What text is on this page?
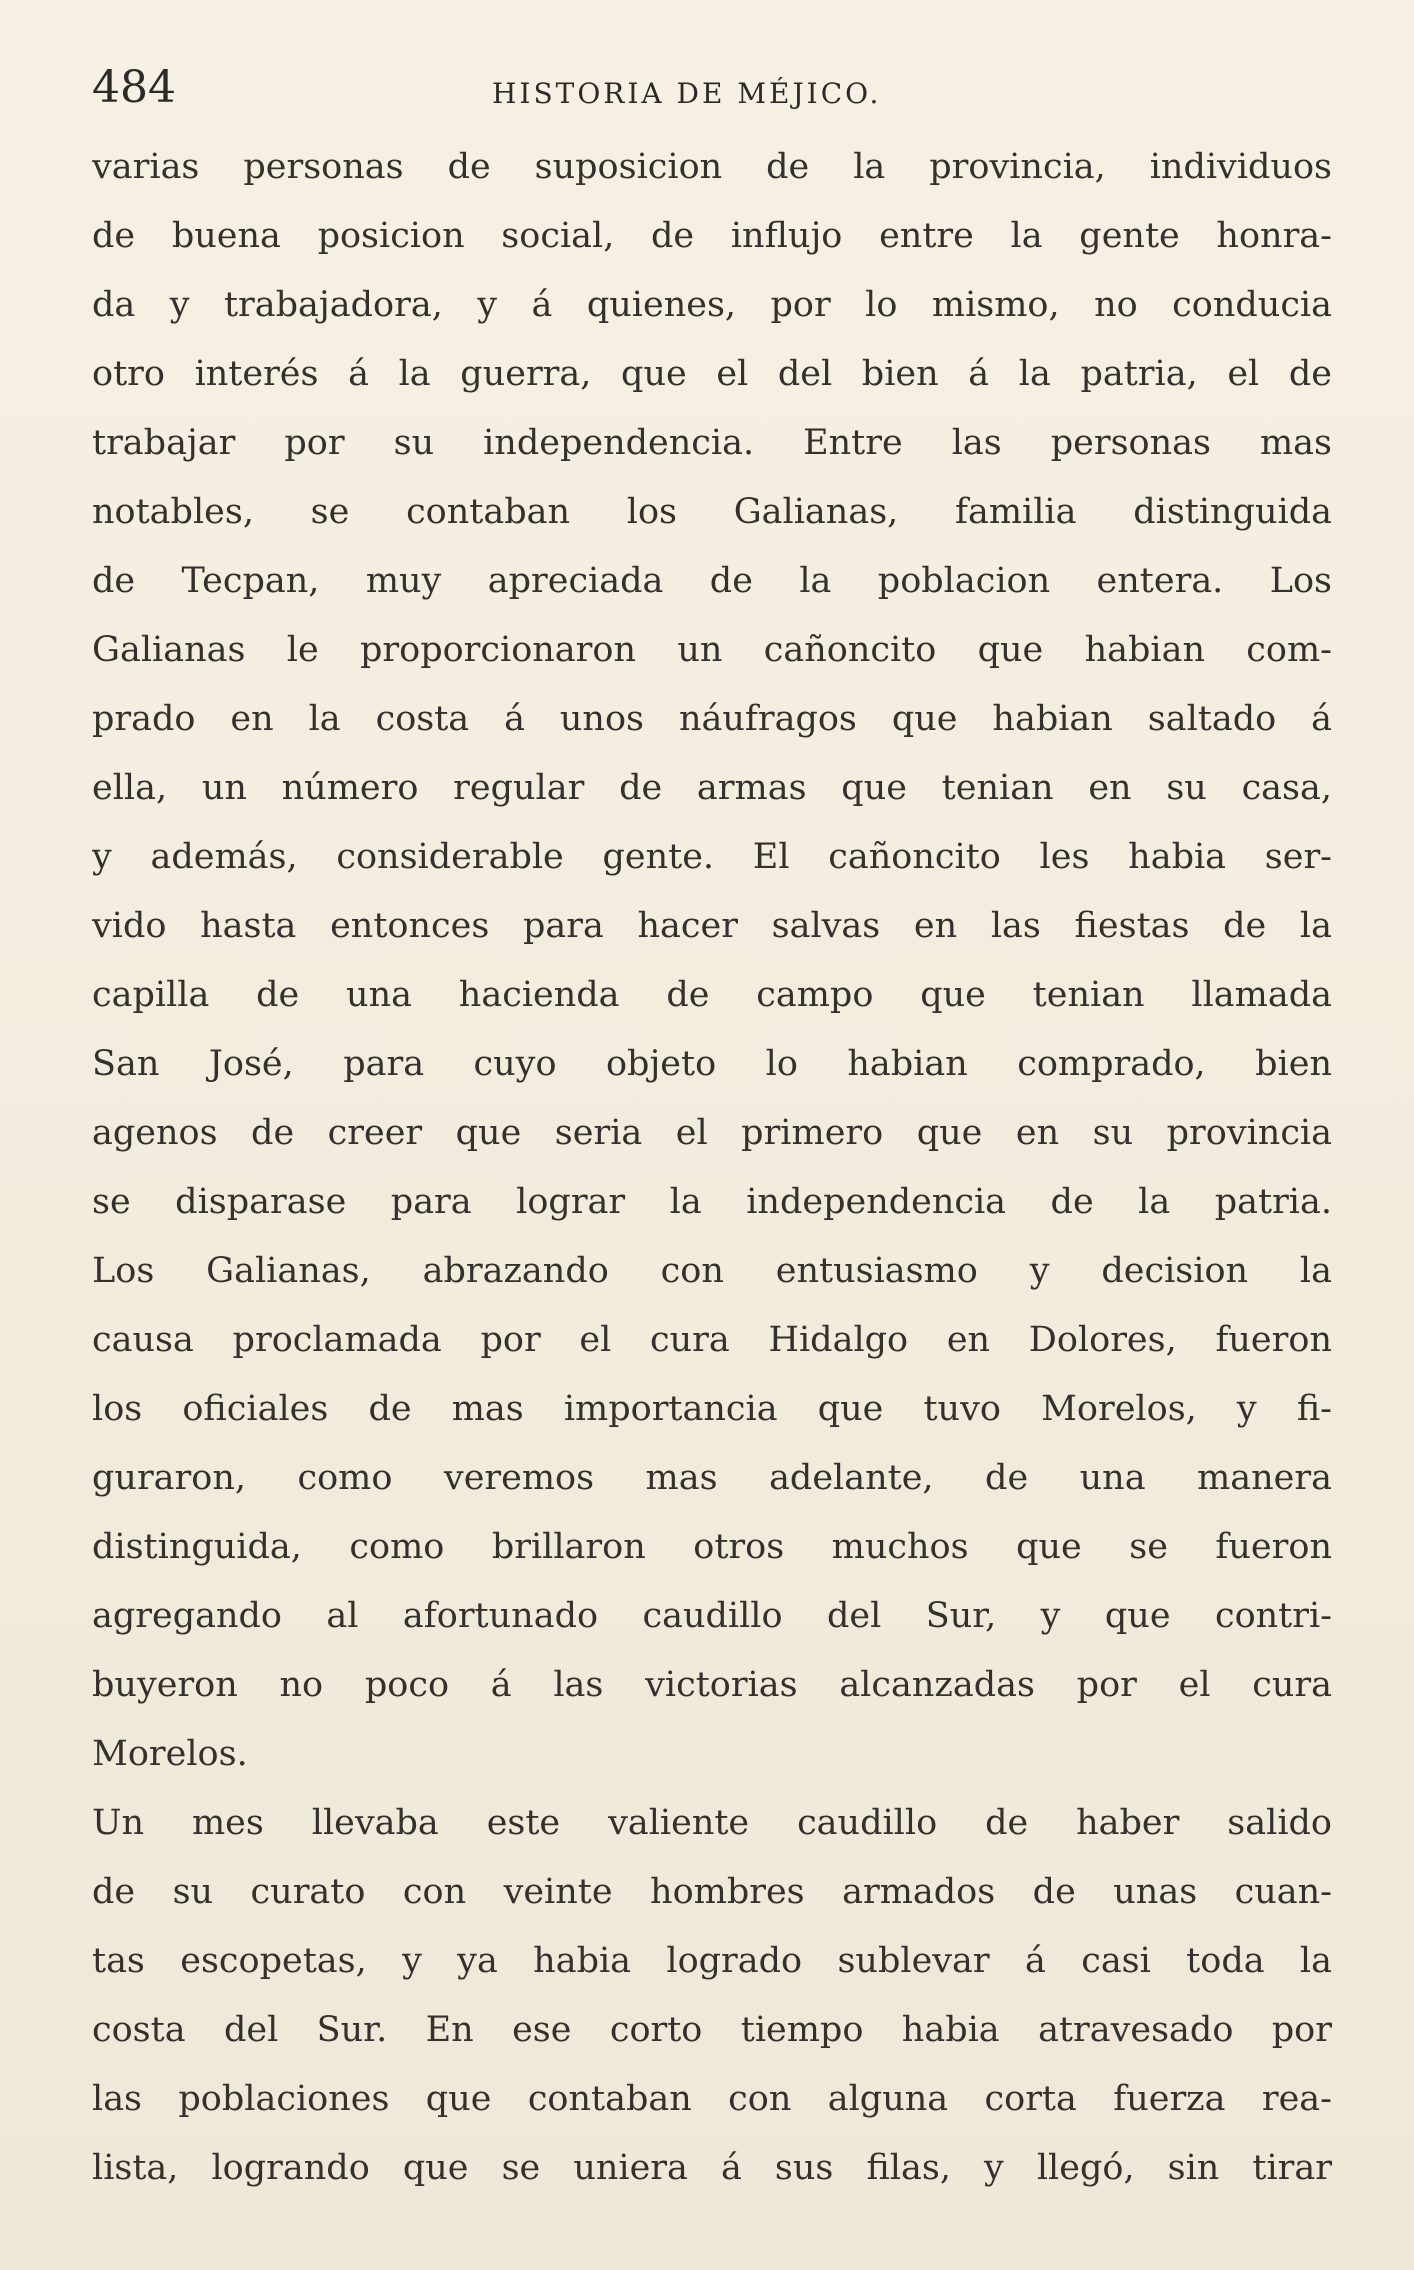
484	HISTORIA DE MÉJICO.
varias personas de suposicion de la provincia, individuos
de buena posicion social, de influjo entre la gente honra-
da y trabajadora, y á quienes, por lo mismo, no conducia
otro interés á la guerra, que el del bien á la patria, el de
trabajar por su independencia. Entre las personas mas
notables, se contaban los Galianas, familia distinguida
de Tecpan, muy apreciada de la poblacion entera. Los
Galianas le proporcionaron un cañoncito que habian com-
prado en la costa á unos náufragos que habian saltado á
ella, un número regular de armas que tenian en su casa,
y además, considerable gente. El cañoncito les habia ser-
vido hasta entonces para hacer salvas en las fiestas de la
capilla de una hacienda de campo que tenian llamada
San José, para cuyo objeto lo habian comprado, bien
agenos de creer que seria el primero que en su provincia
se disparase para lograr la independencia de la patria.
Los Galianas, abrazando con entusiasmo y decision la
causa proclamada por el cura Hidalgo en Dolores, fueron
los oficiales de mas importancia que tuvo Morelos, y fi-
guraron, como veremos mas adelante, de una manera
distinguida, como brillaron otros muchos que se fueron
agregando al afortunado caudillo del Sur, y que contri-
buyeron no poco á las victorias alcanzadas por el cura
Morelos.
Un mes llevaba este valiente caudillo de haber salido
de su curato con veinte hombres armados de unas cuan-
tas escopetas, y ya habia logrado sublevar á casi toda la
costa del Sur. En ese corto tiempo habia atravesado por
las poblaciones que contaban con alguna corta fuerza rea-
lista, logrando que se uniera á sus filas, y llegó, sin tirar
